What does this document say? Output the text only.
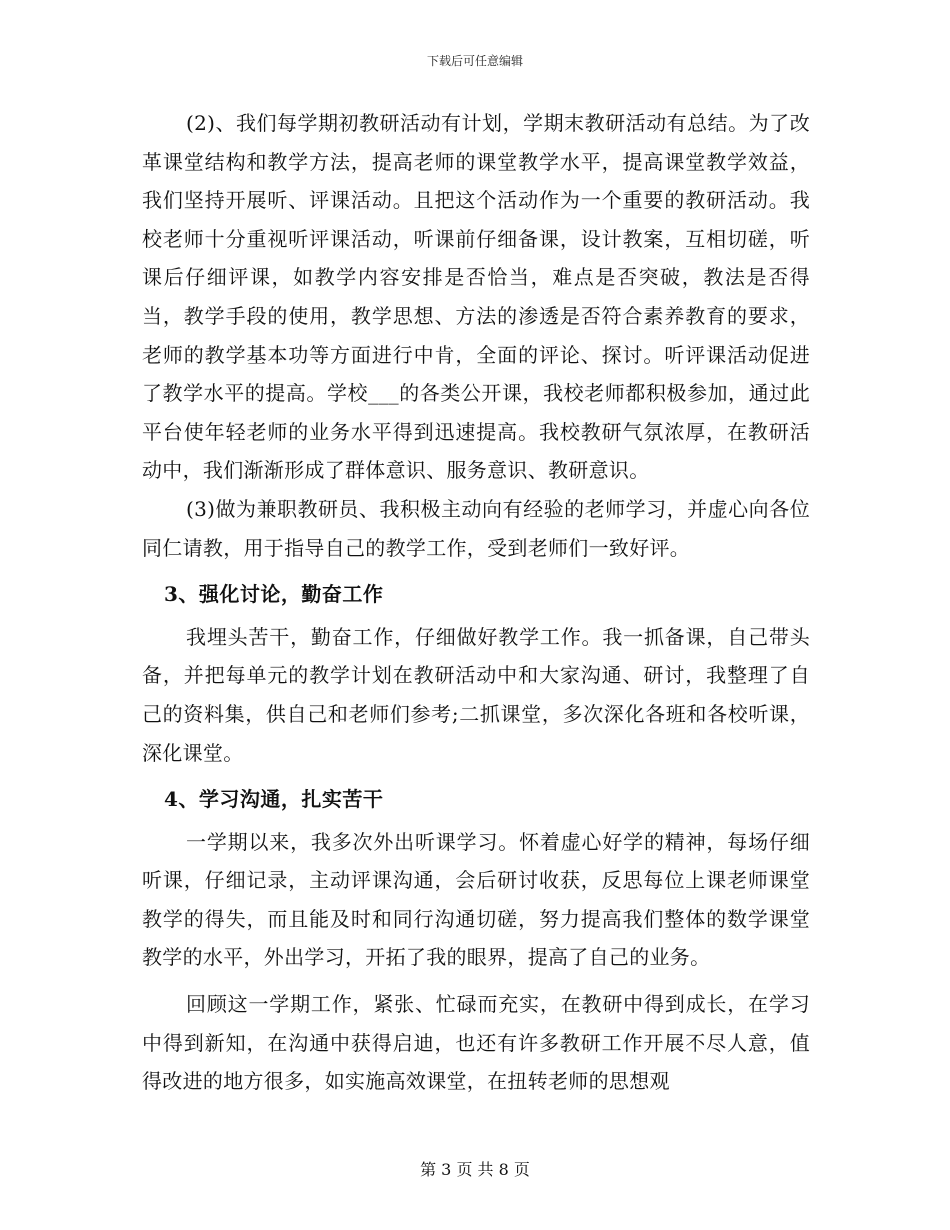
下载后可任意编辑

(2)、我们每学期初教研活动有计划，学期末教研活动有总结。为了改革课堂结构和教学方法，提高老师的课堂教学水平，提高课堂教学效益，我们坚持开展听、评课活动。且把这个活动作为一个重要的教研活动。我校老师十分重视听评课活动，听课前仔细备课，设计教案，互相切磋，听课后仔细评课，如教学内容安排是否恰当，难点是否突破，教法是否得当，教学手段的使用，教学思想、方法的渗透是否符合素养教育的要求，老师的教学基本功等方面进行中肯，全面的评论、探讨。听评课活动促进了教学水平的提高。学校___的各类公开课，我校老师都积极参加，通过此平台使年轻老师的业务水平得到迅速提高。我校教研气氛浓厚，在教研活动中，我们渐渐形成了群体意识、服务意识、教研意识。

(3)做为兼职教研员、我积极主动向有经验的老师学习，并虚心向各位同仁请教，用于指导自己的教学工作，受到老师们一致好评。

3、强化讨论，勤奋工作

我埋头苦干，勤奋工作，仔细做好教学工作。我一抓备课，自己带头备，并把每单元的教学计划在教研活动中和大家沟通、研讨，我整理了自己的资料集，供自己和老师们参考;二抓课堂，多次深化各班和各校听课，深化课堂。

4、学习沟通，扎实苦干

一学期以来，我多次外出听课学习。怀着虚心好学的精神，每场仔细听课，仔细记录，主动评课沟通，会后研讨收获，反思每位上课老师课堂教学的得失，而且能及时和同行沟通切磋，努力提高我们整体的数学课堂教学的水平，外出学习，开拓了我的眼界，提高了自己的业务。

回顾这一学期工作，紧张、忙碌而充实，在教研中得到成长，在学习中得到新知，在沟通中获得启迪，也还有许多教研工作开展不尽人意，值得改进的地方很多，如实施高效课堂，在扭转老师的思想观

第 3 页 共 8 页
